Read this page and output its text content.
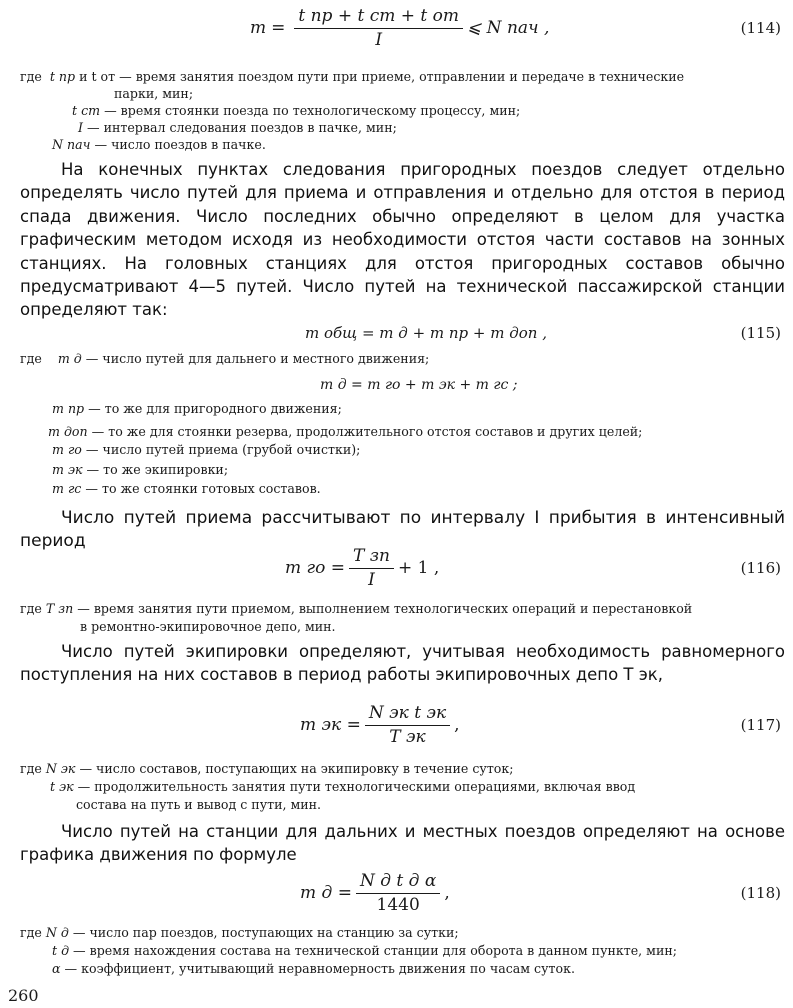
$m = \frac{\text{t пр + t ст + t от}}{I}$ ⩽ N пач ,	(114)
где t пр и t от — время занятия поездом пути при приеме, отправлении и передаче в технические
парки, мин;
t ст — время стоянки поезда по технологическому процессу, мин;
I — интервал следования поездов в пачке, мин;
N пач — число поездов в пачке.
На конечных пунктах следования пригородных поездов следует отдельно определять число путей для приема и отправления и отдельно для отстоя в период спада движения. Число последних обычно определяют в целом для участка графическим методом исходя из необходимости отстоя части составов на зонных станциях. На головных станциях для отстоя пригородных составов обычно предусматривают 4—5 путей. Число путей на технической пассажирской станции определяют так:
m общ = m д + m пр + m доп ,	(115)
где m д — число путей для дальнего и местного движения;
m д = m го + m эк + m гс ;
m пр — то же для пригородного движения;
m доп — то же для стоянки резерва, продолжительного отстоя составов и других целей;
m го — число путей приема (грубой очистки);
m эк — то же экипировки;
m гс — то же стоянки готовых составов.
Число путей приема рассчитывают по интервалу I прибытия в интенсивный период
m го = $\frac{\text{T зп}}{I} + 1$ ,	(116)
где T зп — время занятия пути приемом, выполнением технологических операций и перестановкой
в ремонтно-экипировочное депо, мин.
Число путей экипировки определяют, учитывая необходимость равномерного поступления на них составов в период работы экипировочных депо T эк,
m эк = $\frac{\text{N эк t эк}}{\text{T эк}}$ ,	(117)
где N эк — число составов, поступающих на экипировку в течение суток;
t эк — продолжительность занятия пути технологическими операциями, включая ввод
состава на путь и вывод с пути, мин.
Число путей на станции для дальних и местных поездов определяют на основе графика движения по формуле
m $д = \frac{\text{N д t д α}}{1440}$ ,	(118)
где N д — число пар поездов, поступающих на станцию за сутки;
t д — время нахождения состава на технической станции для оборота в данном пункте, мин;
α — коэффициент, учитывающий неравномерность движения по часам суток.
260
